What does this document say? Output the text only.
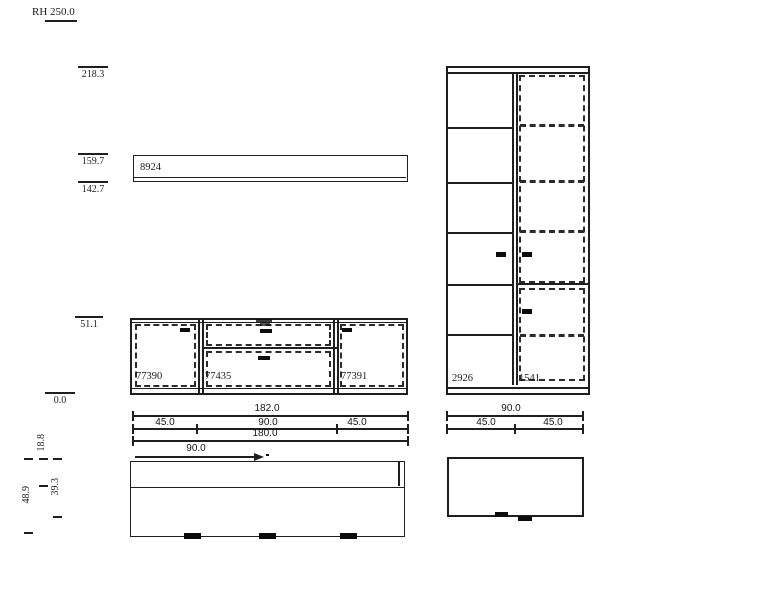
RH 250.0
218.3
159.7
142.7
51.1
0.0
8924
77390	77435	77391	2926	1541
182.0
45.0	90.0	45.0
180.0
90.0
90.0
45.0	45.0
18.8
39.3
48.9
